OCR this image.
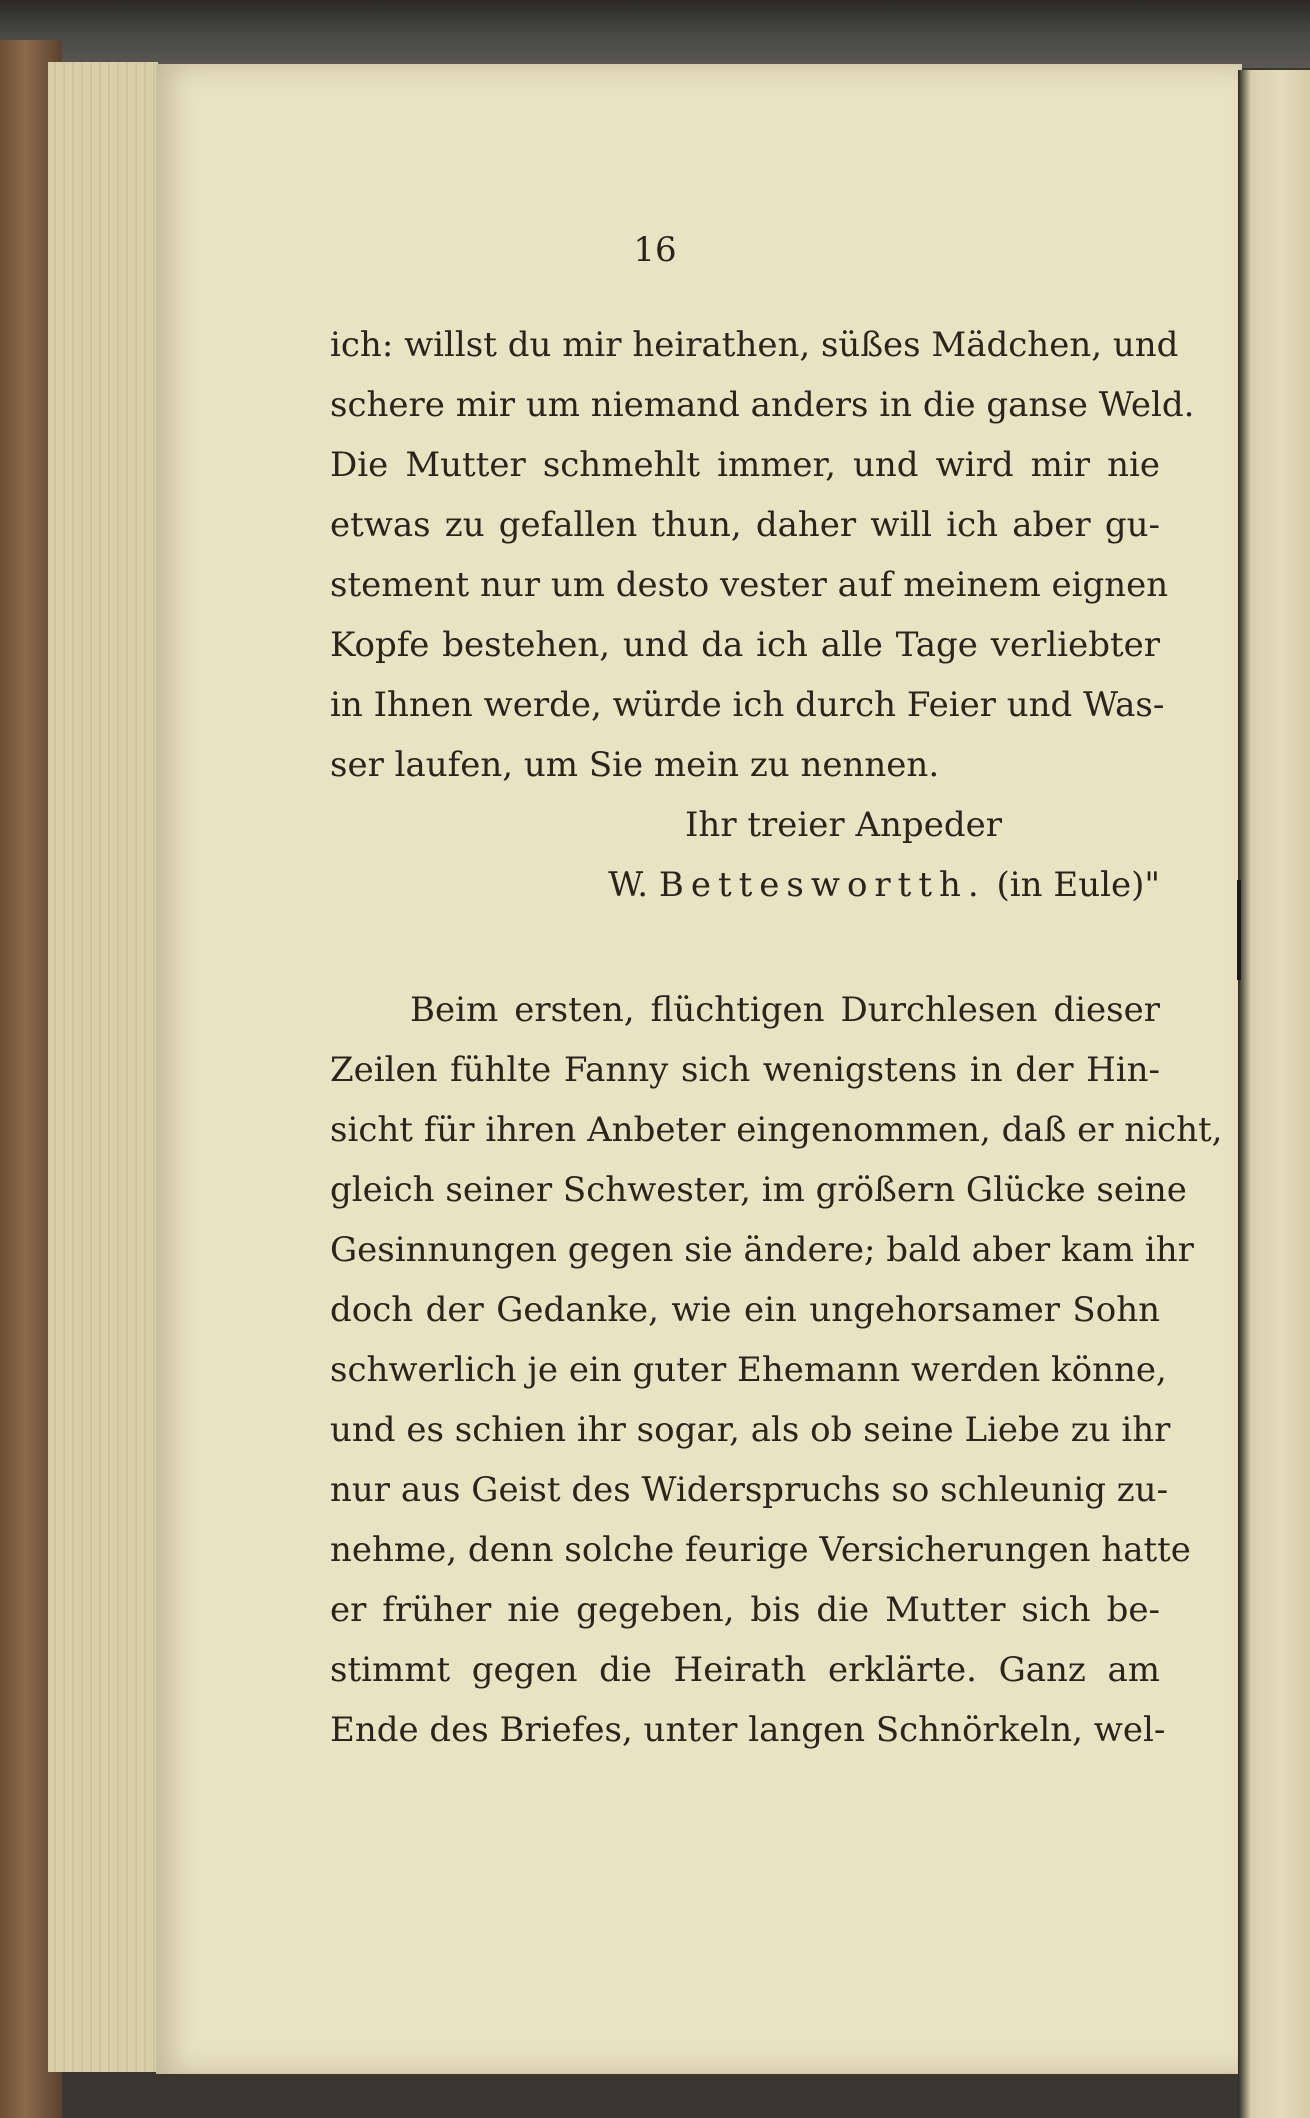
16

ich: willst du mir heirathen, süßes Mädchen, und
schere mir um niemand anders in die ganse Weld.
Die Mutter schmehlt immer, und wird mir nie
etwas zu gefallen thun, daher will ich aber gu-
stement nur um desto vester auf meinem eignen
Kopfe bestehen, und da ich alle Tage verliebter
in Ihnen werde, würde ich durch Feier und Was-
ser laufen, um Sie mein zu nennen.
Ihr treier Anpeder
W. Betteswortth. (in Eule)"
Beim ersten, flüchtigen Durchlesen dieser
Zeilen fühlte Fanny sich wenigstens in der Hin-
sicht für ihren Anbeter eingenommen, daß er nicht,
gleich seiner Schwester, im größern Glücke seine
Gesinnungen gegen sie ändere; bald aber kam ihr
doch der Gedanke, wie ein ungehorsamer Sohn
schwerlich je ein guter Ehemann werden könne,
und es schien ihr sogar, als ob seine Liebe zu ihr
nur aus Geist des Widerspruchs so schleunig zu-
nehme, denn solche feurige Versicherungen hatte
er früher nie gegeben, bis die Mutter sich be-
stimmt gegen die Heirath erklärte. Ganz am
Ende des Briefes, unter langen Schnörkeln, wel-
